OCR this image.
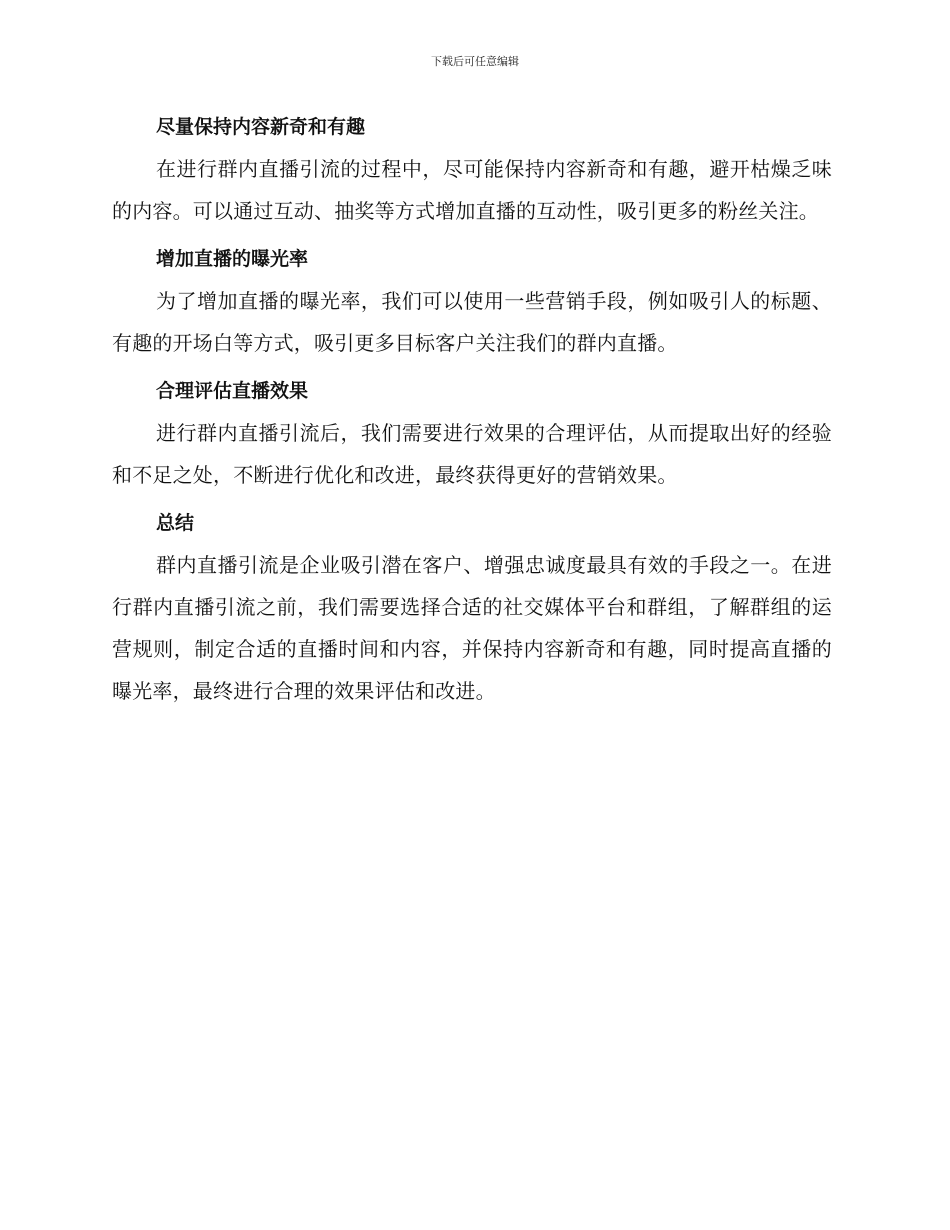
下载后可任意编辑
尽量保持内容新奇和有趣

在进行群内直播引流的过程中，尽可能保持内容新奇和有趣，避开枯燥乏味的内容。可以通过互动、抽奖等方式增加直播的互动性，吸引更多的粉丝关注。

增加直播的曝光率

为了增加直播的曝光率，我们可以使用一些营销手段，例如吸引人的标题、有趣的开场白等方式，吸引更多目标客户关注我们的群内直播。

合理评估直播效果

进行群内直播引流后，我们需要进行效果的合理评估，从而提取出好的经验和不足之处，不断进行优化和改进，最终获得更好的营销效果。

总结

群内直播引流是企业吸引潜在客户、增强忠诚度最具有效的手段之一。在进行群内直播引流之前，我们需要选择合适的社交媒体平台和群组，了解群组的运营规则，制定合适的直播时间和内容，并保持内容新奇和有趣，同时提高直播的曝光率，最终进行合理的效果评估和改进。
